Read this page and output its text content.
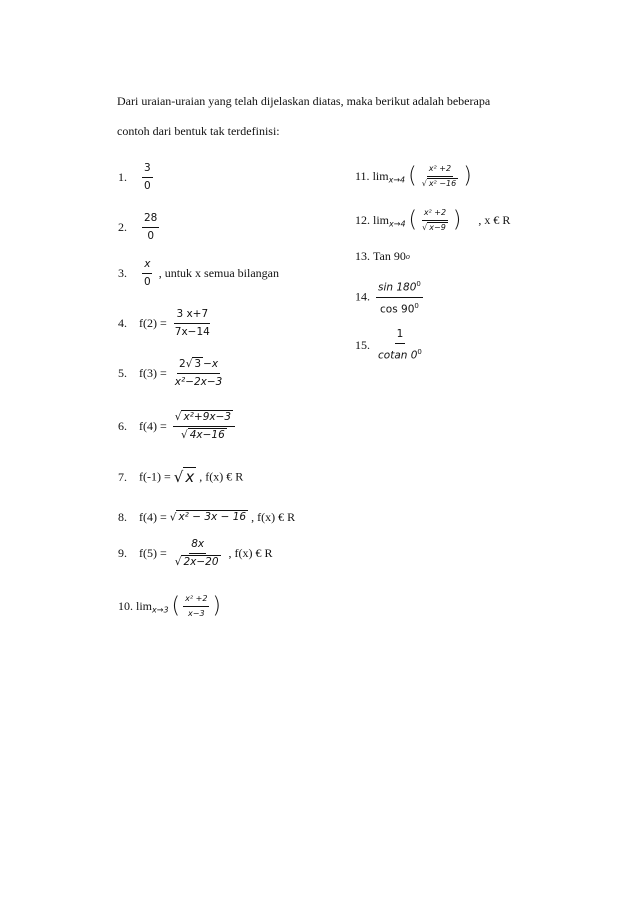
Dari uraian-uraian yang telah dijelaskan diatas, maka berikut adalah beberapa
contoh dari bentuk tak terdefinisi:
1. $\frac{3}{0}$
2. $\frac{28}{0}$
3. $\frac{x}{0}$ , untuk x semua bilangan
4. $f(2) = \frac{3 x+7}{7x-14}$
5. $f(3) = \frac{2√ 3 -x}{\text{x²−2x−3}}$
6. $f(4) = \frac{\text{√ x²+9x−3}}{√ 4x-16}$
7. f(-1) = √ x , f(x) € R
8. f(4) = √ x² − 3x − 16 , f(x) € R
9. $f(5) = \frac{8x}{√ 2x-20}$ , f(x) € R
10. $\lim_{x\to 3}$ ( $\frac{\text{x² +2}}{x-3}$ )
11. $\lim_{x\to 4}$ ( $\frac{\text{x² +2}}{\text{√ x² −16}}$ )
12. $\lim_{x\to 4}$ ( $\frac{\text{x² +2}}{√ x-9}$ ) , x € R
13. Tan 90o
14. $\frac{\sin 180^0}{\cos 90^0}$
15. $\frac{1}{cotan 0^0}$
